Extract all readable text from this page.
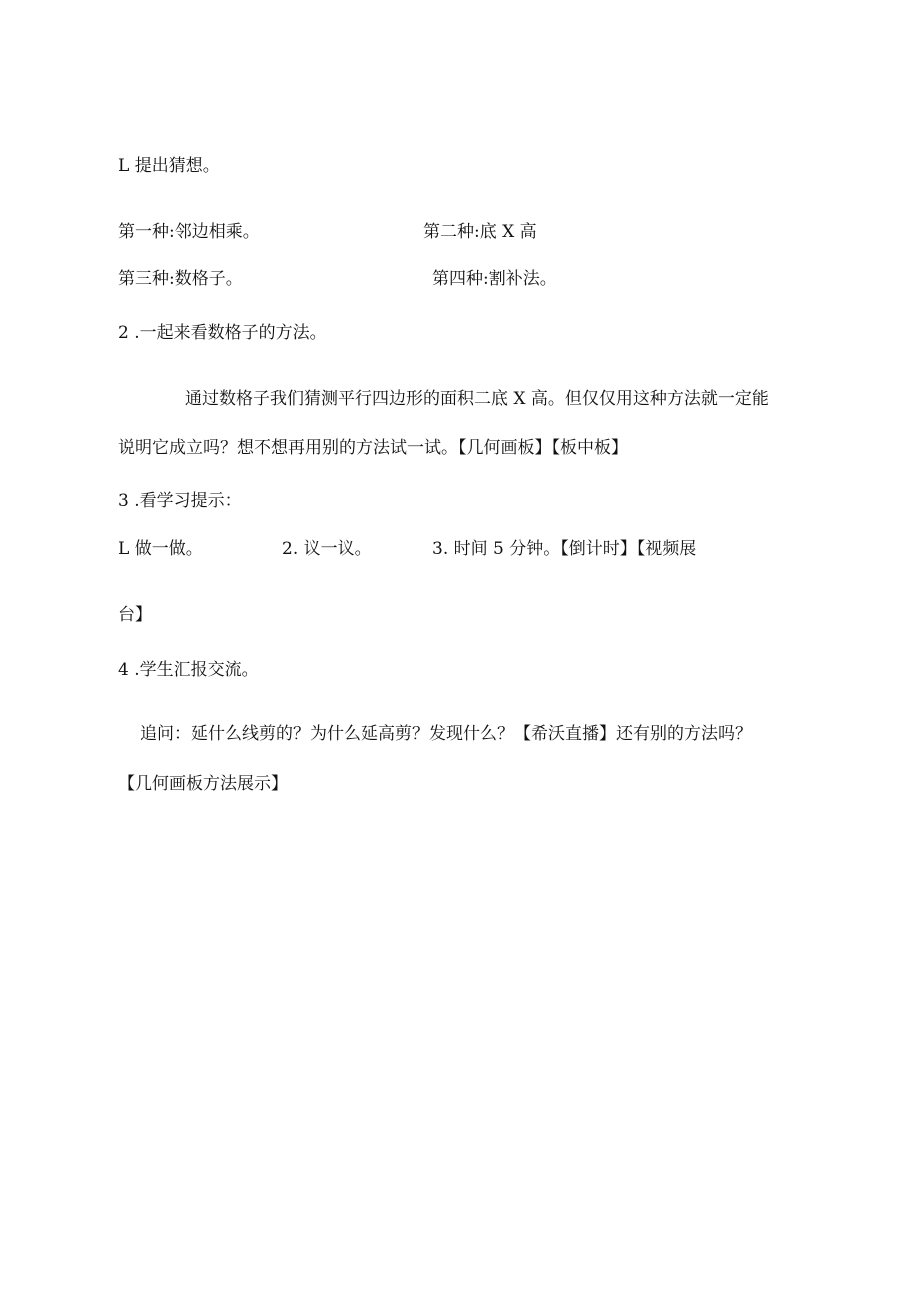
L 提出猜想。

第一种:邻边相乘。	第二种:底 X 高
第三种:数格子。	第四种:割补法。

2 .一起来看数格子的方法。

通过数格子我们猜测平行四边形的面积二底 X 高。但仅仅用这种方法就一定能

说明它成立吗？想不想再用别的方法试一试。【几何画板】【板中板】

3 .看学习提示：

L 做一做。	2. 议一议。	3. 时间 5 分钟。【倒计时】【视频展

台】

4 .学生汇报交流。

追问：延什么线剪的？为什么延高剪？发现什么？【希沃直播】还有别的方法吗？

【几何画板方法展示】
